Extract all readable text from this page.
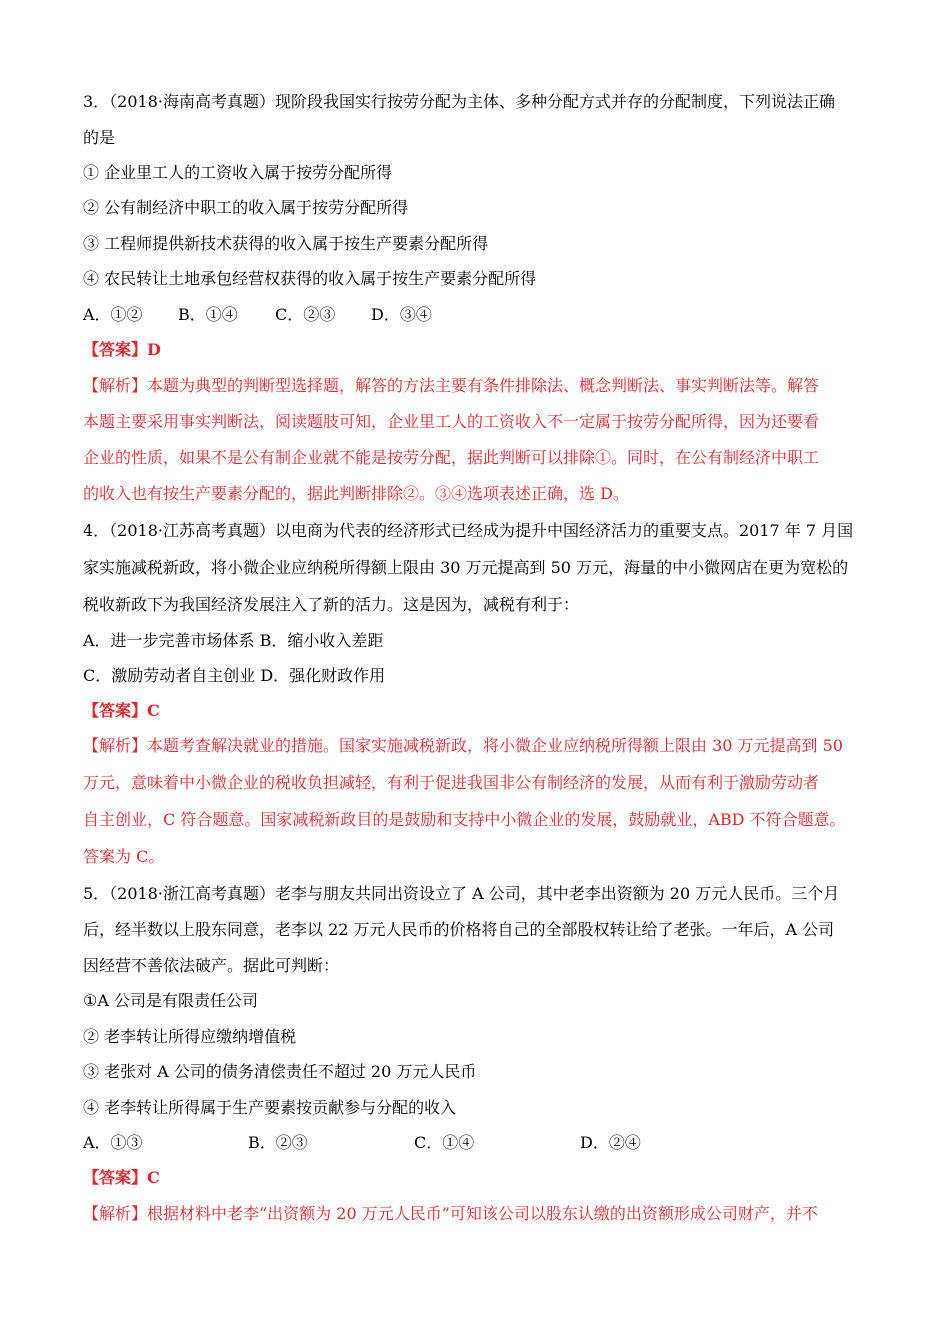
3．（2018·海南高考真题）现阶段我国实行按劳分配为主体、多种分配方式并存的分配制度，下列说法正确
的是
① 企业里工人的工资收入属于按劳分配所得
② 公有制经济中职工的收入属于按劳分配所得
③ 工程师提供新技术获得的收入属于按生产要素分配所得
④ 农民转让土地承包经营权获得的收入属于按生产要素分配所得
A．①② B．①④ C．②③ D．③④
【答案】D
【解析】本题为典型的判断型选择题，解答的方法主要有条件排除法、概念判断法、事实判断法等。解答
本题主要采用事实判断法，阅读题肢可知，企业里工人的工资收入不一定属于按劳分配所得，因为还要看
企业的性质，如果不是公有制企业就不能是按劳分配，据此判断可以排除①。同时，在公有制经济中职工
的收入也有按生产要素分配的，据此判断排除②。③④选项表述正确，选 D。
4．（2018·江苏高考真题）以电商为代表的经济形式已经成为提升中国经济活力的重要支点。2017 年 7 月国
家实施减税新政，将小微企业应纳税所得额上限由 30 万元提高到 50 万元，海量的中小微网店在更为宽松的
税收新政下为我国经济发展注入了新的活力。这是因为，减税有利于：
A．进一步完善市场体系 B．缩小收入差距
C．激励劳动者自主创业 D．强化财政作用
【答案】C
【解析】本题考查解决就业的措施。国家实施减税新政，将小微企业应纳税所得额上限由 30 万元提高到 50
万元，意味着中小微企业的税收负担减轻，有利于促进我国非公有制经济的发展，从而有利于激励劳动者
自主创业，C 符合题意。国家减税新政目的是鼓励和支持中小微企业的发展，鼓励就业，ABD 不符合题意。
答案为 C。
5．（2018·浙江高考真题）老李与朋友共同出资设立了 A 公司，其中老李出资额为 20 万元人民币。三个月
后，经半数以上股东同意，老李以 22 万元人民币的价格将自己的全部股权转让给了老张。一年后，A 公司
因经营不善依法破产。据此可判断：
①A 公司是有限责任公司
② 老李转让所得应缴纳增值税
③ 老张对 A 公司的债务清偿责任不超过 20 万元人民币
④ 老李转让所得属于生产要素按贡献参与分配的收入
A．①③	B．②③	C．①④	D．②④
【答案】C
【解析】根据材料中老李“出资额为 20 万元人民币”可知该公司以股东认缴的出资额形成公司财产，并不
